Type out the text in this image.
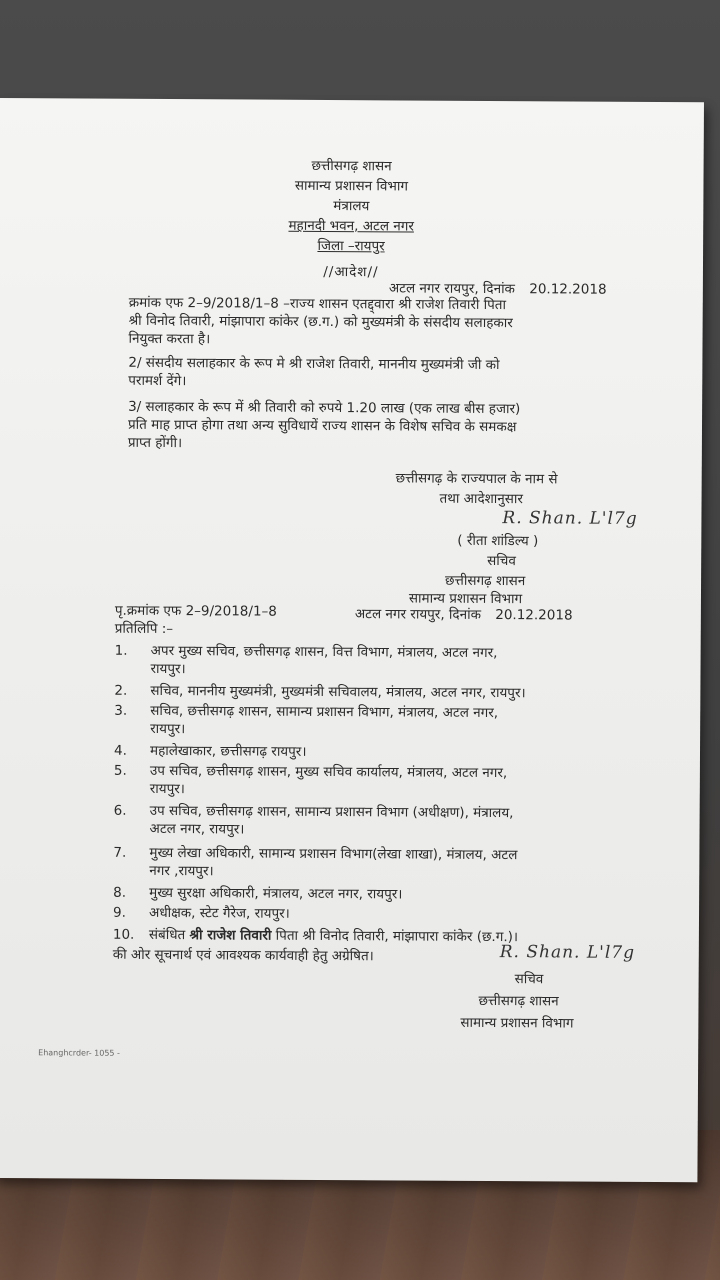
छत्तीसगढ़ शासन
सामान्य प्रशासन विभाग
मंत्रालय
महानदी भवन, अटल नगर
जिला –रायपुर
//आदेश//
अटल नगर रायपुर, दिनांक 20.12.2018
क्रमांक एफ 2–9/2018/1–8 –राज्य शासन एतद्द्वारा श्री राजेश तिवारी पिता
श्री विनोद तिवारी, मांझापारा कांकेर (छ.ग.) को मुख्यमंत्री के संसदीय सलाहकार
नियुक्त करता है।
2/ संसदीय सलाहकार के रूप मे श्री राजेश तिवारी, माननीय मुख्यमंत्री जी को
परामर्श देंगे।
3/ सलाहकार के रूप में श्री तिवारी को रुपये 1.20 लाख (एक लाख बीस हजार)
प्रति माह प्राप्त होगा तथा अन्य सुविधायें राज्य शासन के विशेष सचिव के समकक्ष
प्राप्त होंगी।
छत्तीसगढ़ के राज्यपाल के नाम से
तथा आदेशानुसार
R. Shan. L'l7g
( रीता शांडिल्य )
सचिव
छत्तीसगढ़ शासन
सामान्य प्रशासन विभाग
पृ.क्रमांक एफ 2–9/2018/1–8	अटल नगर रायपुर, दिनांक 20.12.2018
प्रतिलिपि :–
1. अपर मुख्य सचिव, छत्तीसगढ़ शासन, वित्त विभाग, मंत्रालय, अटल नगर,
रायपुर।
2. सचिव, माननीय मुख्यमंत्री, मुख्यमंत्री सचिवालय, मंत्रालय, अटल नगर, रायपुर।
3. सचिव, छत्तीसगढ़ शासन, सामान्य प्रशासन विभाग, मंत्रालय, अटल नगर,
रायपुर।
4. महालेखाकार, छत्तीसगढ़ रायपुर।
5. उप सचिव, छत्तीसगढ़ शासन, मुख्य सचिव कार्यालय, मंत्रालय, अटल नगर,
रायपुर।
6. उप सचिव, छत्तीसगढ़ शासन, सामान्य प्रशासन विभाग (अधीक्षण), मंत्रालय,
अटल नगर, रायपुर।
7. मुख्य लेखा अधिकारी, सामान्य प्रशासन विभाग(लेखा शाखा), मंत्रालय, अटल
नगर ,रायपुर।
8. मुख्य सुरक्षा अधिकारी, मंत्रालय, अटल नगर, रायपुर।
9. अधीक्षक, स्टेट गैरेज, रायपुर।
10. संबंधित श्री राजेश तिवारी पिता श्री विनोद तिवारी, मांझापारा कांकेर (छ.ग.)।
की ओर सूचनार्थ एवं आवश्यक कार्यवाही हेतु अग्रेषित।	R. Shan. L'l7g
सचिव
छत्तीसगढ़ शासन
सामान्य प्रशासन विभाग
Ehanghcrder- 1055 -
